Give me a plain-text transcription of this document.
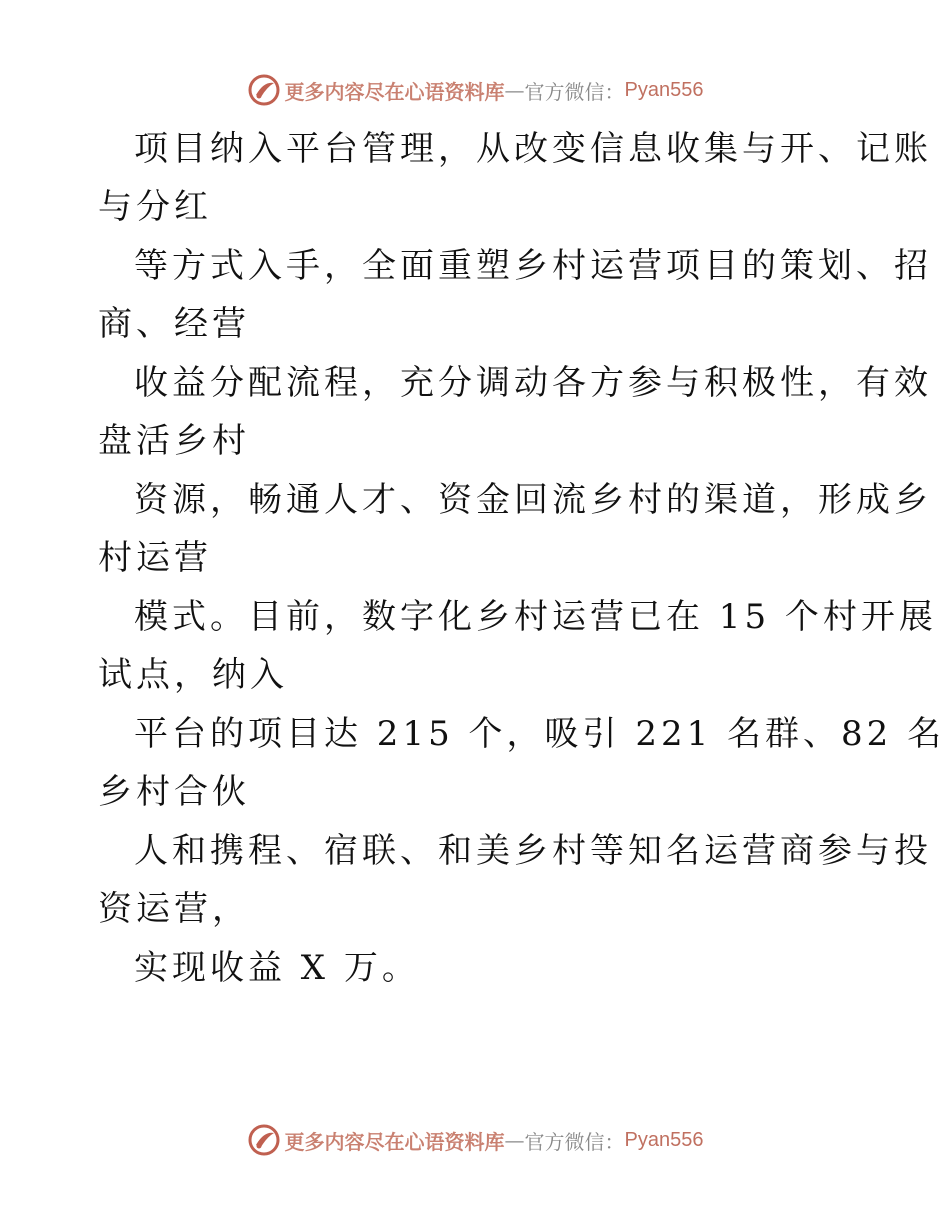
更多内容尽在心语资料库 — 官方微信： Pyan556
项目纳入平台管理，从改变信息收集与开、记账
与分红
等方式入手，全面重塑乡村运营项目的策划、招
商、经营
收益分配流程，充分调动各方参与积极性，有效
盘活乡村
资源，畅通人才、资金回流乡村的渠道，形成乡
村运营
模式。目前，数字化乡村运营已在 15 个村开展
试点，纳入
平台的项目达 215 个，吸引 221 名群、82 名
乡村合伙
人和携程、宿联、和美乡村等知名运营商参与投
资运营，
实现收益 X 万。
更多内容尽在心语资料库 — 官方微信： Pyan556
